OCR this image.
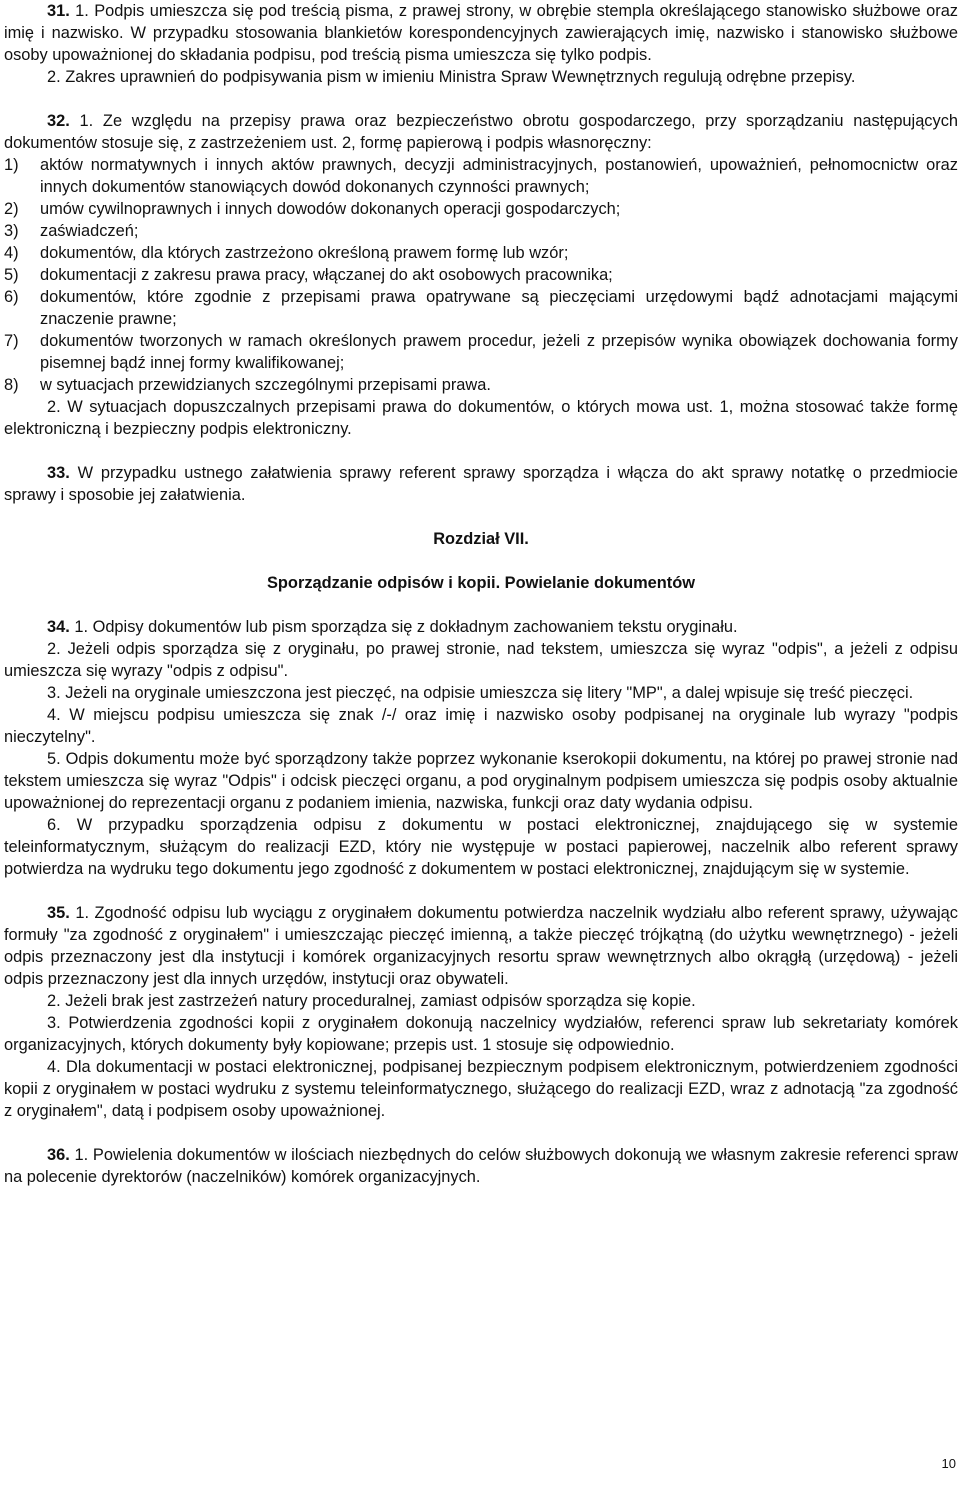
31. 1. Podpis umieszcza się pod treścią pisma, z prawej strony, w obrębie stempla określającego stanowisko służbowe oraz imię i nazwisko. W przypadku stosowania blankietów korespondencyjnych zawierających imię, nazwisko i stanowisko służbowe osoby upoważnionej do składania podpisu, pod treścią pisma umieszcza się tylko podpis.

2. Zakres uprawnień do podpisywania pism w imieniu Ministra Spraw Wewnętrznych regulują odrębne przepisy.

32. 1. Ze względu na przepisy prawa oraz bezpieczeństwo obrotu gospodarczego, przy sporządzaniu następujących dokumentów stosuje się, z zastrzeżeniem ust. 2, formę papierową i podpis własnoręczny:

1)	aktów normatywnych i innych aktów prawnych, decyzji administracyjnych, postanowień, upoważnień, pełnomocnictw oraz innych dokumentów stanowiących dowód dokonanych czynności prawnych;
2)	umów cywilnoprawnych i innych dowodów dokonanych operacji gospodarczych;
3)	zaświadczeń;
4)	dokumentów, dla których zastrzeżono określoną prawem formę lub wzór;
5)	dokumentacji z zakresu prawa pracy, włączanej do akt osobowych pracownika;
6)	dokumentów, które zgodnie z przepisami prawa opatrywane są pieczęciami urzędowymi bądź adnotacjami mającymi znaczenie prawne;
7)	dokumentów tworzonych w ramach określonych prawem procedur, jeżeli z przepisów wynika obowiązek dochowania formy pisemnej bądź innej formy kwalifikowanej;
8)	w sytuacjach przewidzianych szczególnymi przepisami prawa.

2. W sytuacjach dopuszczalnych przepisami prawa do dokumentów, o których mowa ust. 1, można stosować także formę elektroniczną i bezpieczny podpis elektroniczny.

33. W przypadku ustnego załatwienia sprawy referent sprawy sporządza i włącza do akt sprawy notatkę o przedmiocie sprawy i sposobie jej załatwienia.

Rozdział VII.

Sporządzanie odpisów i kopii. Powielanie dokumentów

34. 1. Odpisy dokumentów lub pism sporządza się z dokładnym zachowaniem tekstu oryginału.

2. Jeżeli odpis sporządza się z oryginału, po prawej stronie, nad tekstem, umieszcza się wyraz "odpis", a jeżeli z odpisu umieszcza się wyrazy "odpis z odpisu".

3. Jeżeli na oryginale umieszczona jest pieczęć, na odpisie umieszcza się litery "MP", a dalej wpisuje się treść pieczęci.

4. W miejscu podpisu umieszcza się znak /-/ oraz imię i nazwisko osoby podpisanej na oryginale lub wyrazy "podpis nieczytelny".

5. Odpis dokumentu może być sporządzony także poprzez wykonanie kserokopii dokumentu, na której po prawej stronie nad tekstem umieszcza się wyraz "Odpis" i odcisk pieczęci organu, a pod oryginalnym podpisem umieszcza się podpis osoby aktualnie upoważnionej do reprezentacji organu z podaniem imienia, nazwiska, funkcji oraz daty wydania odpisu.

6. W przypadku sporządzenia odpisu z dokumentu w postaci elektronicznej, znajdującego się w systemie teleinformatycznym, służącym do realizacji EZD, który nie występuje w postaci papierowej, naczelnik albo referent sprawy potwierdza na wydruku tego dokumentu jego zgodność z dokumentem w postaci elektronicznej, znajdującym się w systemie.

35. 1. Zgodność odpisu lub wyciągu z oryginałem dokumentu potwierdza naczelnik wydziału albo referent sprawy, używając formuły "za zgodność z oryginałem" i umieszczając pieczęć imienną, a także pieczęć trójkątną (do użytku wewnętrznego) - jeżeli odpis przeznaczony jest dla instytucji i komórek organizacyjnych resortu spraw wewnętrznych albo okrągłą (urzędową) - jeżeli odpis przeznaczony jest dla innych urzędów, instytucji oraz obywateli.

2. Jeżeli brak jest zastrzeżeń natury proceduralnej, zamiast odpisów sporządza się kopie.

3. Potwierdzenia zgodności kopii z oryginałem dokonują naczelnicy wydziałów, referenci spraw lub sekretariaty komórek organizacyjnych, których dokumenty były kopiowane; przepis ust. 1 stosuje się odpowiednio.

4. Dla dokumentacji w postaci elektronicznej, podpisanej bezpiecznym podpisem elektronicznym, potwierdzeniem zgodności kopii z oryginałem w postaci wydruku z systemu teleinformatycznego, służącego do realizacji EZD, wraz z adnotacją "za zgodność z oryginałem", datą i podpisem osoby upoważnionej.

36. 1. Powielenia dokumentów w ilościach niezbędnych do celów służbowych dokonują we własnym zakresie referenci spraw na polecenie dyrektorów (naczelników) komórek organizacyjnych.

10
